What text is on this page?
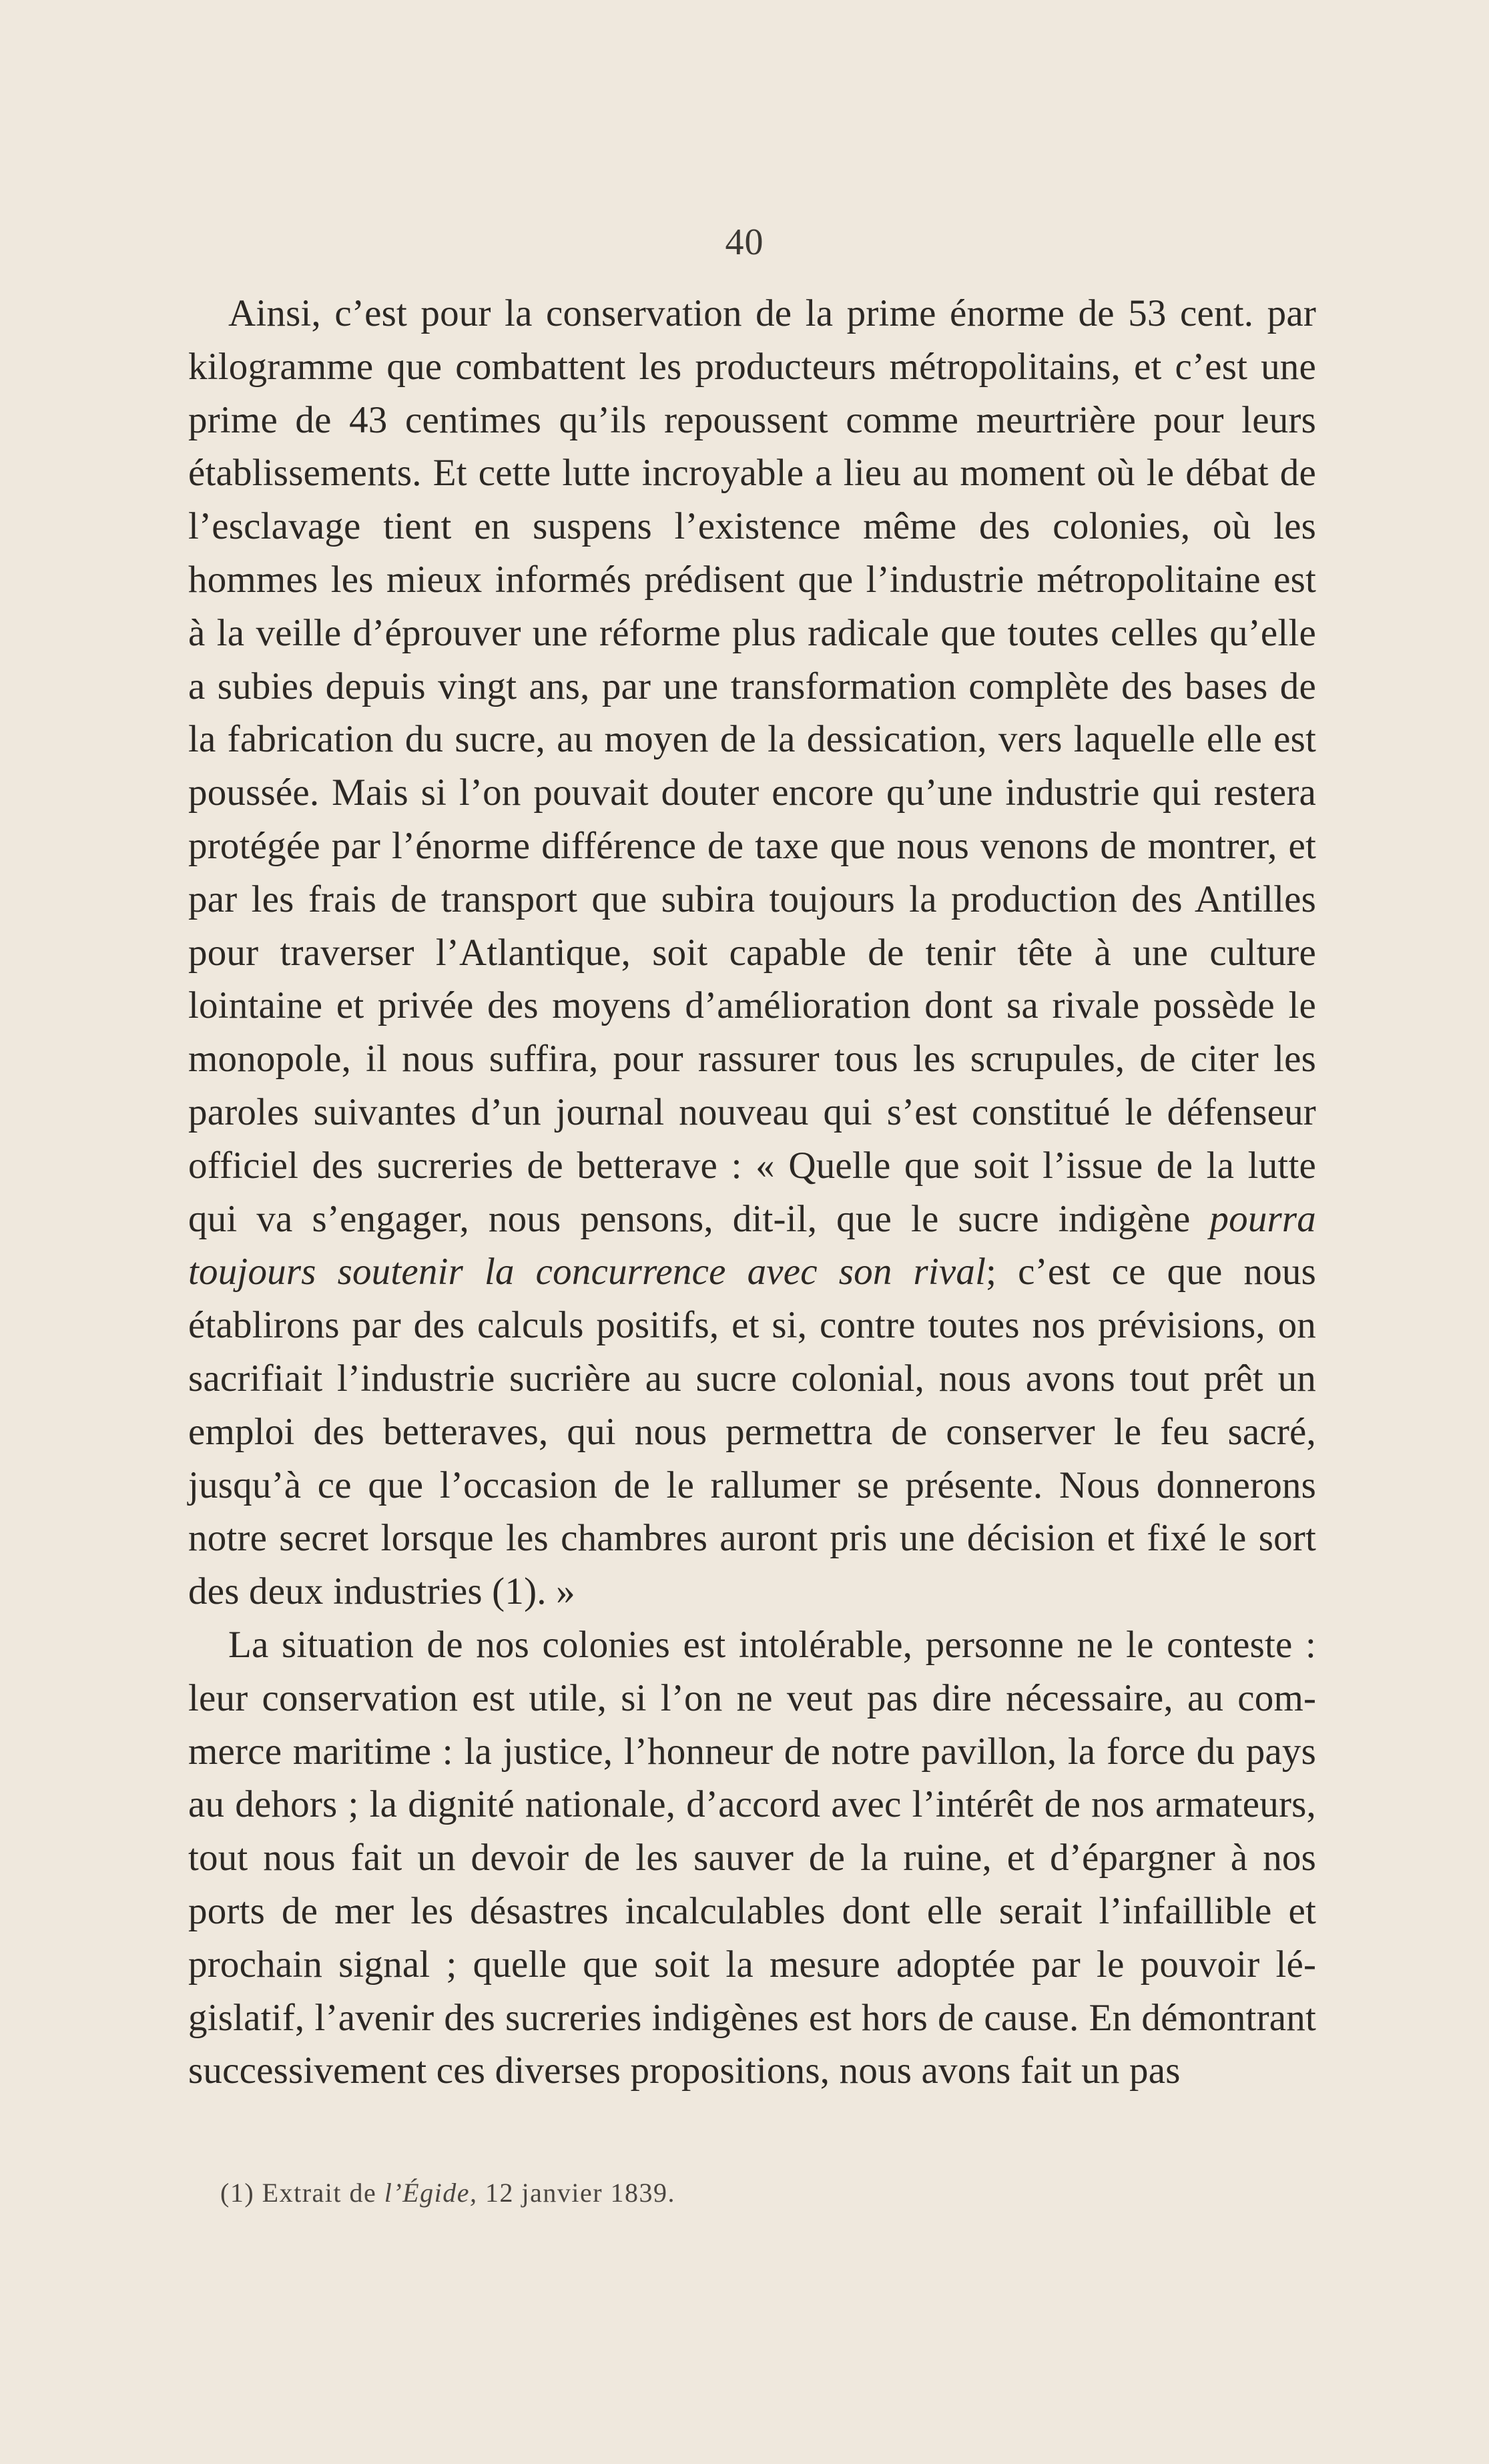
40

Ainsi, c’est pour la conservation de la prime énorme de 53 cent. par kilogramme que combattent les producteurs métropolitains, et c’est une prime de 43 centimes qu’ils repoussent comme meurtrière pour leurs établissements. Et cette lutte incroyable a lieu au moment où le débat de l’esclavage tient en suspens l’existence même des colonies, où les hommes les mieux informés prédisent que l’industrie métropolitaine est à la veille d’éprouver une réforme plus radicale que toutes celles qu’elle a subies depuis vingt ans, par une transformation complète des bases de la fabrication du sucre, au moyen de la dessication, vers laquelle elle est poussée. Mais si l’on pouvait douter encore qu’une industrie qui restera protégée par l’énorme différence de taxe que nous venons de montrer, et par les frais de transport que subira toujours la production des Antilles pour traverser l’Atlantique, soit capable de tenir tête à une culture lointaine et privée des moyens d’amélioration dont sa rivale possède le monopole, il nous suffira, pour rassurer tous les scrupules, de citer les paroles suivantes d’un journal nouveau qui s’est constitué le défenseur officiel des sucreries de betterave : « Quelle que soit l’issue de la lutte qui va s’engager, nous pensons, dit-il, que le sucre indigène pourra toujours soutenir la concurrence avec son rival; c’est ce que nous établirons par des calculs positifs, et si, contre toutes nos prévisions, on sacrifiait l’industrie sucrière au sucre colonial, nous avons tout prêt un emploi des betteraves, qui nous permettra de conserver le feu sacré, jusqu’à ce que l’occasion de le rallumer se présente. Nous donnerons notre secret lorsque les chambres auront pris une décision et fixé le sort des deux industries (1). »

La situation de nos colonies est intolérable, personne ne le conteste : leur conservation est utile, si l’on ne veut pas dire nécessaire, au commerce maritime : la justice, l’honneur de notre pavillon, la force du pays au dehors ; la dignité nationale, d’accord avec l’intérêt de nos armateurs, tout nous fait un devoir de les sauver de la ruine, et d’épargner à nos ports de mer les désastres incalculables dont elle serait l’infaillible et prochain signal ; quelle que soit la mesure adoptée par le pouvoir législatif, l’avenir des sucreries indigènes est hors de cause. En démontrant successivement ces diverses propositions, nous avons fait un pas

(1) Extrait de l’Égide, 12 janvier 1839.
